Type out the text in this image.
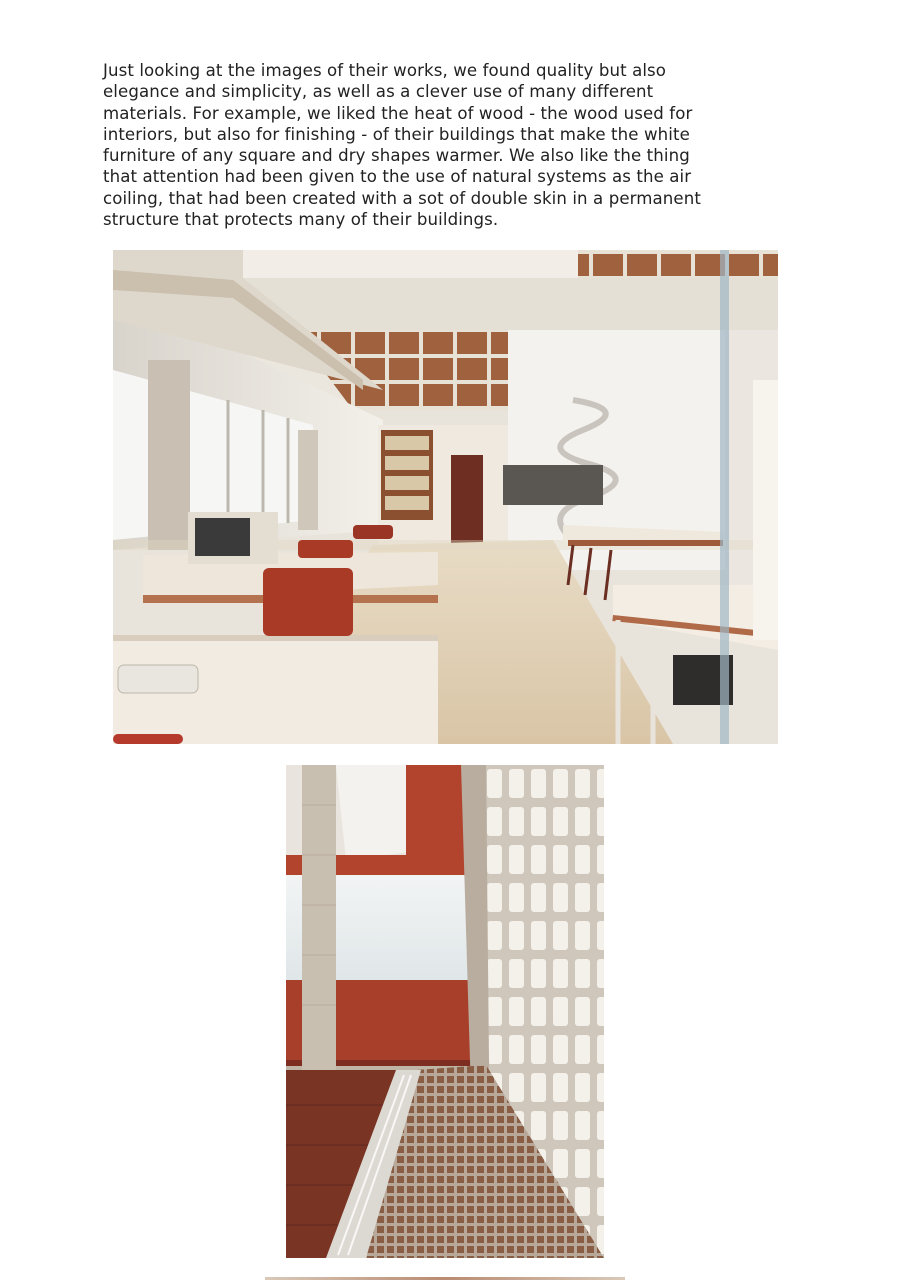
Just looking at the images of their works, we found quality but also
elegance and simplicity, as well as a clever use of many different
materials. For example, we liked the heat of wood - the wood used for
interiors, but also for finishing - of their buildings that make the white
furniture of any square and dry shapes warmer. We also like the thing
that attention had been given to the use of natural systems as the air
coiling, that had been created with a sot of double skin in a permanent
structure that protects many of their buildings.
